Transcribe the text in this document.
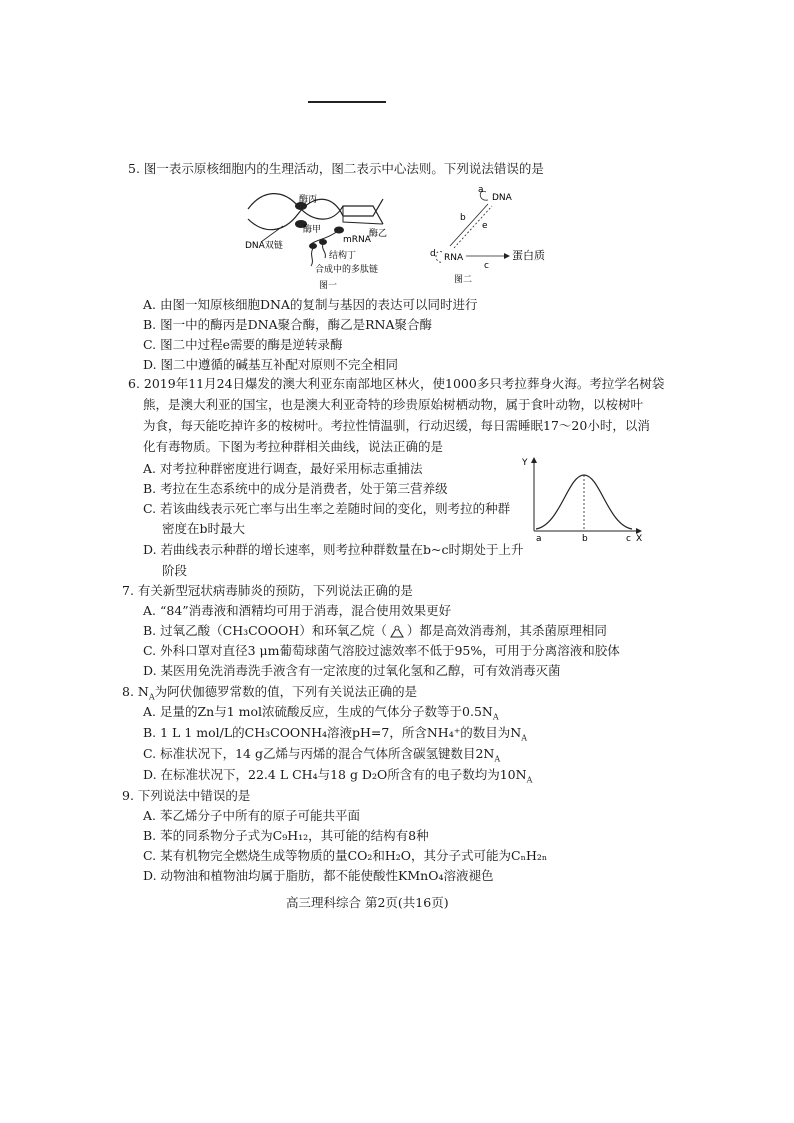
5. 图一表示原核细胞内的生理活动，图二表示中心法则。下列说法错误的是
酶丙
酶甲
mRNA
酶乙
DNA双链
结构丁
合成中的多肽链
图一
a
DNA
b
e
d RNA
c
蛋白质
图二
A. 由图一知原核细胞DNA的复制与基因的表达可以同时进行
B. 图一中的酶丙是DNA聚合酶，酶乙是RNA聚合酶
C. 图二中过程e需要的酶是逆转录酶
D. 图二中遵循的碱基互补配对原则不完全相同
6. 2019年11月24日爆发的澳大利亚东南部地区林火，使1000多只考拉葬身火海。考拉学名树袋
熊，是澳大利亚的国宝，也是澳大利亚奇特的珍贵原始树栖动物，属于食叶动物，以桉树叶
为食，每天能吃掉许多的桉树叶。考拉性情温驯，行动迟缓，每日需睡眠17～20小时，以消
化有毒物质。下图为考拉种群相关曲线，说法正确的是
A. 对考拉种群密度进行调查，最好采用标志重捕法
B. 考拉在生态系统中的成分是消费者，处于第三营养级
C. 若该曲线表示死亡率与出生率之差随时间的变化，则考拉的种群
密度在b时最大
D. 若曲线表示种群的增长速率，则考拉种群数量在b~c时期处于上升
阶段
Y
X
a	b	c
7. 有关新型冠状病毒肺炎的预防，下列说法正确的是
A. “84”消毒液和酒精均可用于消毒，混合使用效果更好
B. 过氧乙酸（CH₃COOOH）和环氧乙烷（ ）都是高效消毒剂，其杀菌原理相同
C. 外科口罩对直径3 μm葡萄球菌气溶胶过滤效率不低于95%，可用于分离溶液和胶体
D. 某医用免洗消毒洗手液含有一定浓度的过氧化氢和乙醇，可有效消毒灭菌
8. $N_A$为阿伏伽德罗常数的值，下列有关说法正确的是
A. 足量的Zn与1 mol浓硫酸反应，生成的气体分子数等于$0.5N_A$
B. 1 L 1 mol/L的CH₃COONH₄溶液pH=7，所含NH₄⁺的数目为$N_A$
C. 标准状况下，14 g乙烯与丙烯的混合气体所含碳氢键数目$2N_A$
D. 在标准状况下，22.4 L CH₄与18 g D₂O所含有的电子数均为$10N_A$
9. 下列说法中错误的是
A. 苯乙烯分子中所有的原子可能共平面
B. 苯的同系物分子式为C₉H₁₂，其可能的结构有8种
C. 某有机物完全燃烧生成等物质的量CO₂和H₂O，其分子式可能为CₙH₂ₙ
D. 动物油和植物油均属于脂肪，都不能使酸性KMnO₄溶液褪色
高三理科综合 第2页(共16页)
